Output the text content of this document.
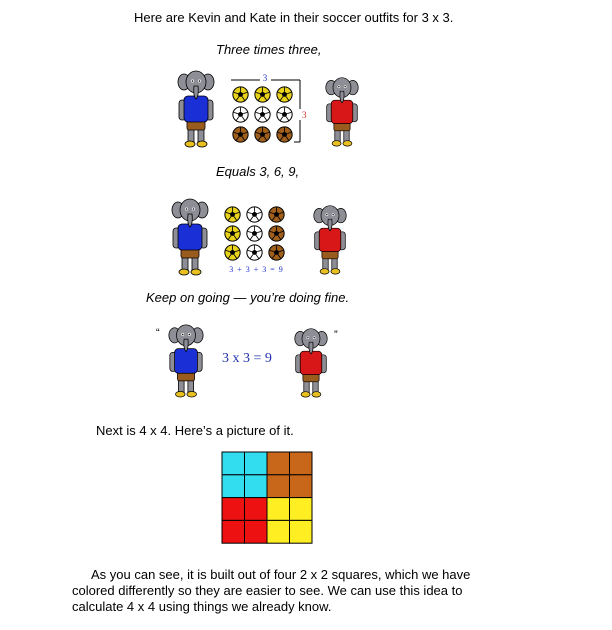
Here are Kevin and Kate in their soccer outfits for 3 x 3.
Three times three,
3
3
Equals 3, 6, 9,
3  +  3  +  3  =  9
Keep on going — you’re doing fine.
“
3 x 3 = 9
”
Next is 4 x 4. Here’s a picture of it.
As you can see, it is built out of four 2 x 2 squares, which we have
colored differently so they are easier to see. We can use this idea to
calculate 4 x 4 using things we already know.
